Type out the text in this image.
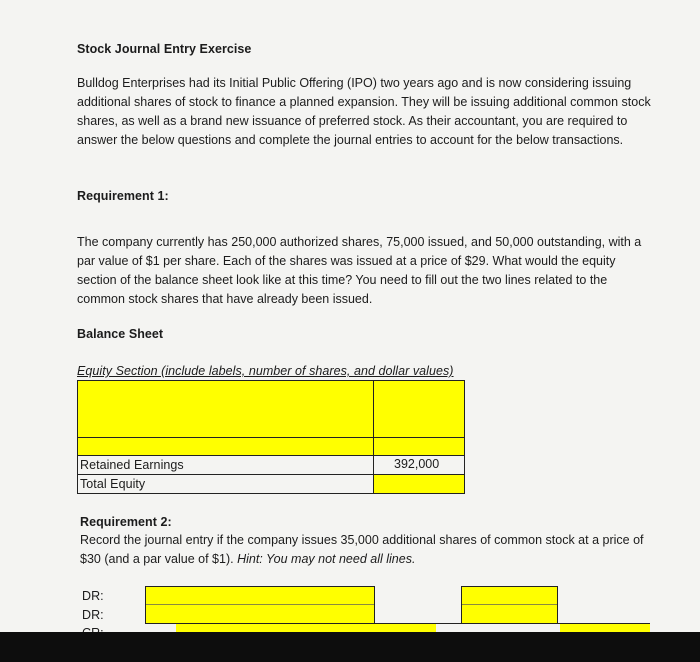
Stock Journal Entry Exercise
Bulldog Enterprises had its Initial Public Offering (IPO) two years ago and is now considering issuing additional shares of stock to finance a planned expansion. They will be issuing additional common stock shares, as well as a brand new issuance of preferred stock. As their accountant, you are required to answer the below questions and complete the journal entries to account for the below transactions.
Requirement 1:
The company currently has 250,000 authorized shares, 75,000 issued, and 50,000 outstanding, with a par value of $1 per share. Each of the shares was issued at a price of $29. What would the equity section of the balance sheet look like at this time? You need to fill out the two lines related to the common stock shares that have already been issued.
Balance Sheet
Equity Section (include labels, number of shares, and dollar values)
Retained Earnings	392,000
Total Equity
Requirement 2:
Record the journal entry if the company issues 35,000 additional shares of common stock at a price of $30 (and a par value of $1). Hint: You may not need all lines.
DR:
DR:
